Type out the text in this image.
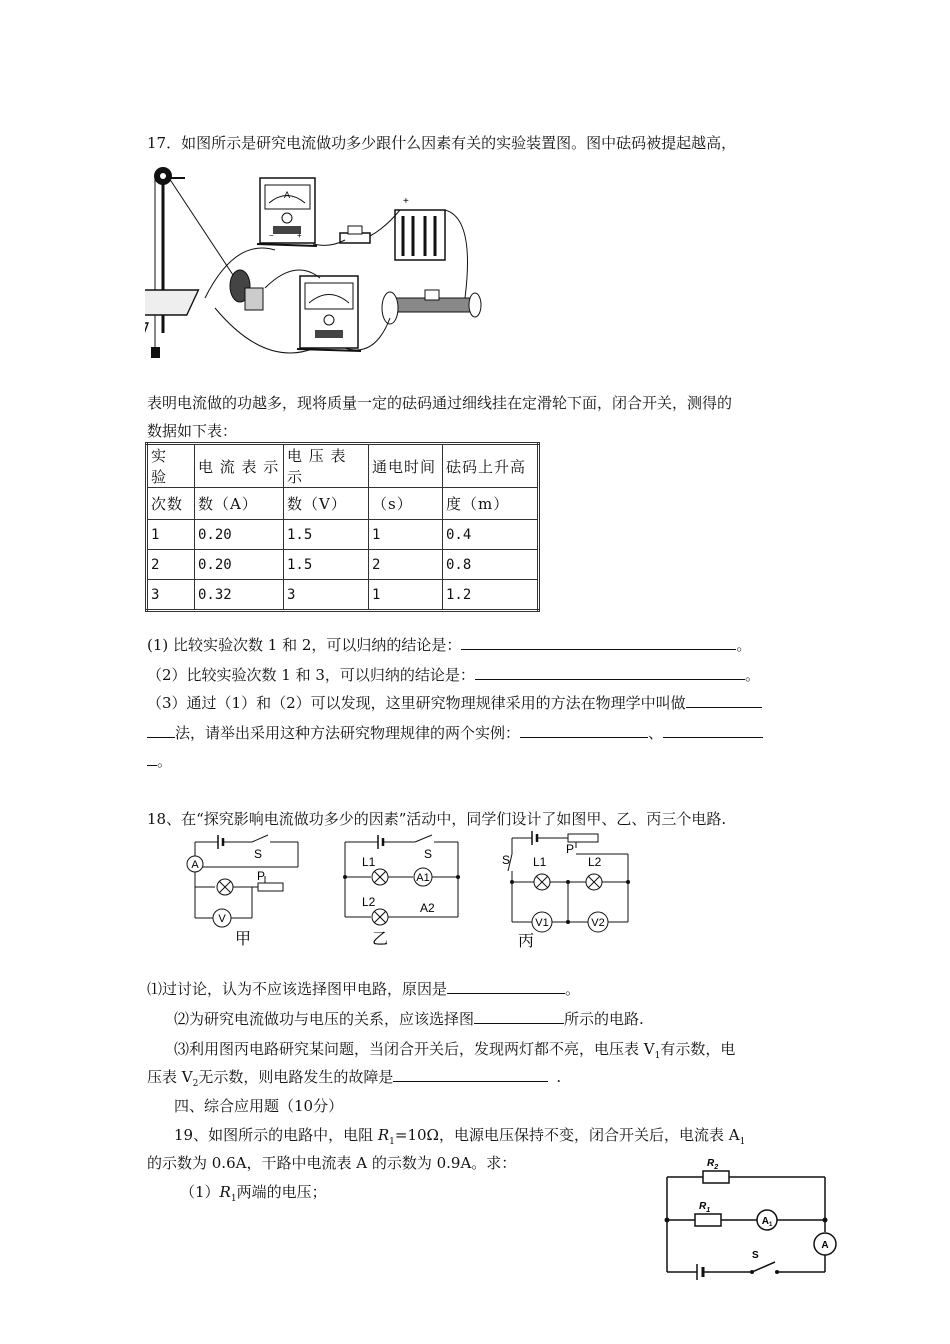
17．如图所示是研究电流做功多少跟什么因素有关的实验装置图。图中砝码被提起越高，
A
−	+
+
表明电流做的功越多，现将质量一定的砝码通过细线挂在定滑轮下面，闭合开关，测得的
数据如下表：
实　验	电 流 表 示	电 压 表 示	通电时间	砝码上升高
次数	数（A）	数（V）	（s）	度（m）
1	0.20	1.5	1	0.4
2	0.20	1.5	2	0.8
3	0.32	3	1	1.2
(1) 比较实验次数 1 和 2，可以归纳的结论是：	。
（2）比较实验次数 1 和 3，可以归纳的结论是：	。
（3）通过（1）和（2）可以发现，这里研究物理规律采用的方法在物理学中叫做
法，请举出采用这种方法研究物理规律的两个实例：	、
。
18、在“探究影响电流做功多少的因素”活动中，同学们设计了如图甲、乙、丙三个电路.
S
A
P
V
甲
S
L1
A1
L2	A2
乙
P
S L1	L2
V1	V2
丙
⑴过讨论，认为不应该选择图甲电路，原因是	。
⑵为研究电流做功与电压的关系，应该选择图	所示的电路.
⑶利用图丙电路研究某问题，当闭合开关后，发现两灯都不亮，电压表 $V_1$有示数，电
压表 $V_2$无示数，则电路发生的故障是	.
四、综合应用题（10分）
19、如图所示的电路中，电阻 $R_1=10\Omega$，电源电压保持不变，闭合开关后，电流表 $A_1$
的示数为 0.6A，干路中电流表 A 的示数为 0.9A。求：
$(1)R_1$两端的电压；
$R_2$
$R_1$
$A_1$
A
S
